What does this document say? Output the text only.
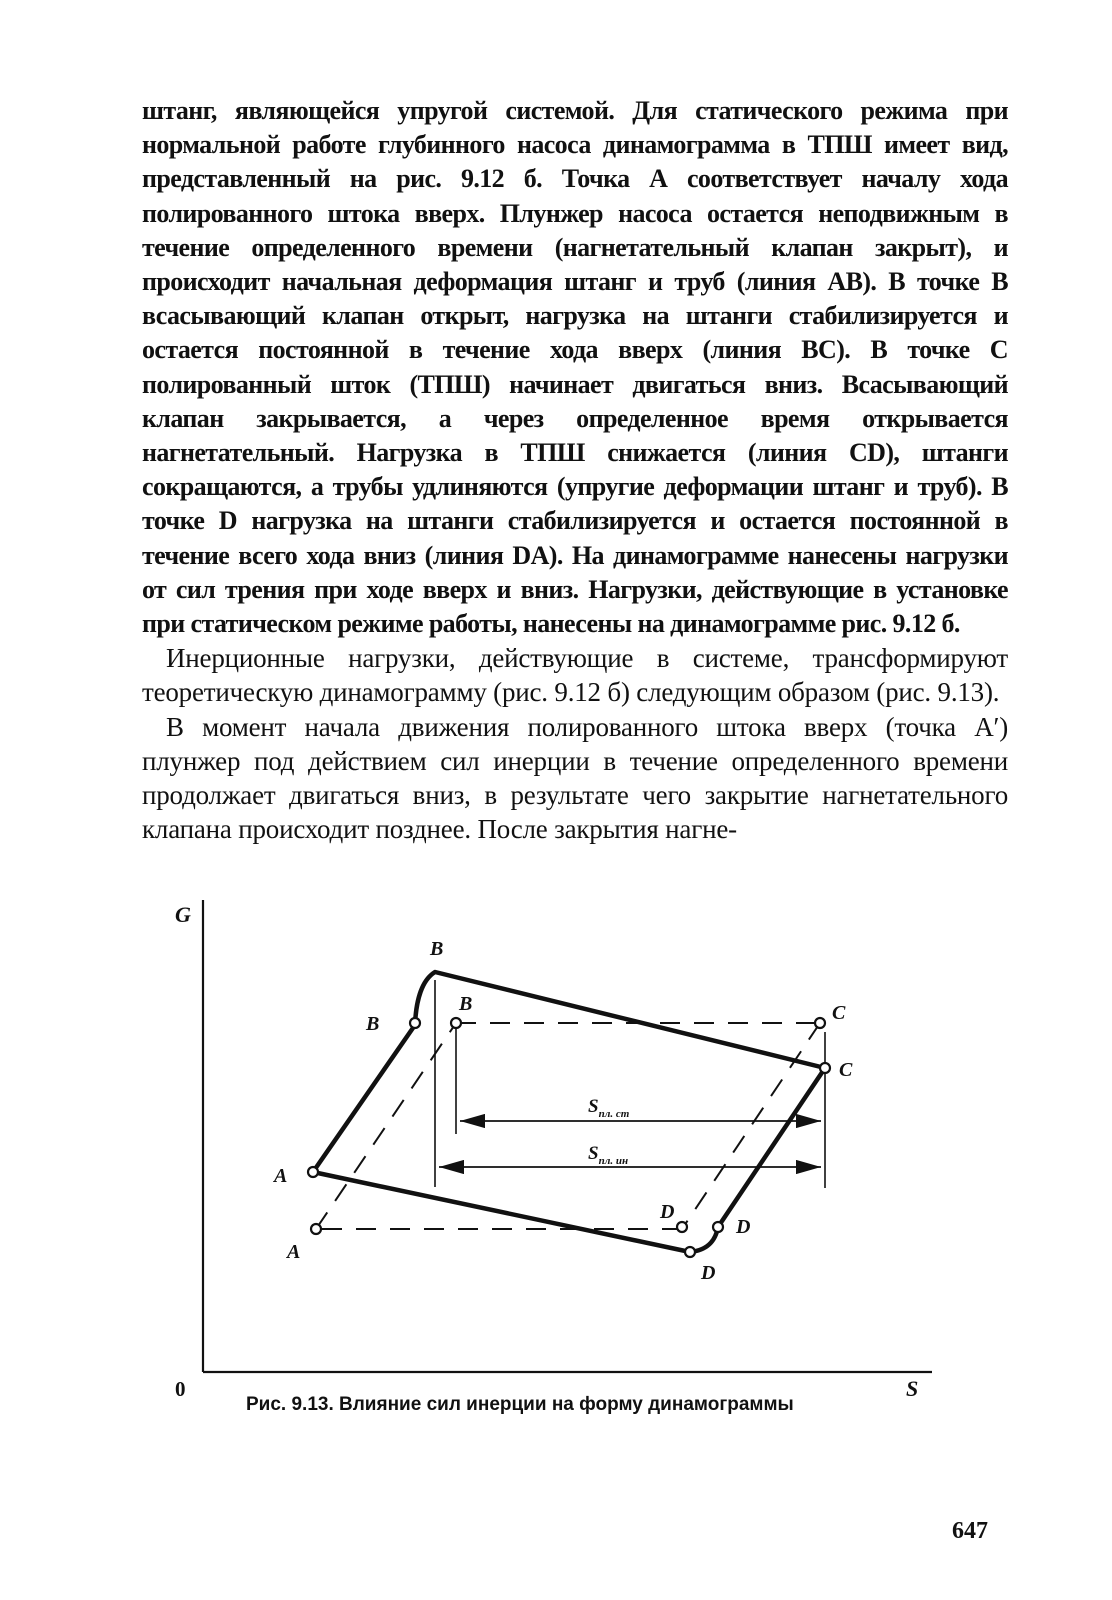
штанг, являющейся упругой системой. Для статического режима при нормальной работе глубинного насоса динамограмма в ТПШ имеет вид, представленный на рис. 9.12 б. Точка А соответствует началу хода полированного штока вверх. Плунжер насоса остается неподвижным в течение определенного времени (нагнетательный клапан закрыт), и происходит начальная деформация штанг и труб (линия АВ). В точке В всасывающий клапан открыт, нагрузка на штанги стабилизируется и остается постоянной в течение хода вверх (линия ВС). В точке С полированный шток (ТПШ) начинает двигаться вниз. Всасывающий клапан закрывается, а через определенное время открывается нагнетательный. Нагрузка в ТПШ снижается (линия CD), штанги сокращаются, а трубы удлиняются (упругие деформации штанг и труб). В точке D нагрузка на штанги стабилизируется и остается постоянной в течение всего хода вниз (линия DA). На динамограмме нанесены нагрузки от сил трения при ходе вверх и вниз. Нагрузки, действующие в установке при статическом режиме работы, нанесены на динамограмме рис. 9.12 б.

Инерционные нагрузки, действующие в системе, трансформируют теоретическую динамограмму (рис. 9.12 б) следующим образом (рис. 9.13).

В момент начала движения полированного штока вверх (точка А′) плунжер под действием сил инерции в течение определенного времени продолжает двигаться вниз, в результате чего закрытие нагнетательного клапана происходит позднее. После закрытия нагне-

G
B
B
B	C
C
A
A
D
D
D
$S_{пл. ст}$
$S_{пл. ин}$
0	S
Рис. 9.13. Влияние сил инерции на форму динамограммы
647
